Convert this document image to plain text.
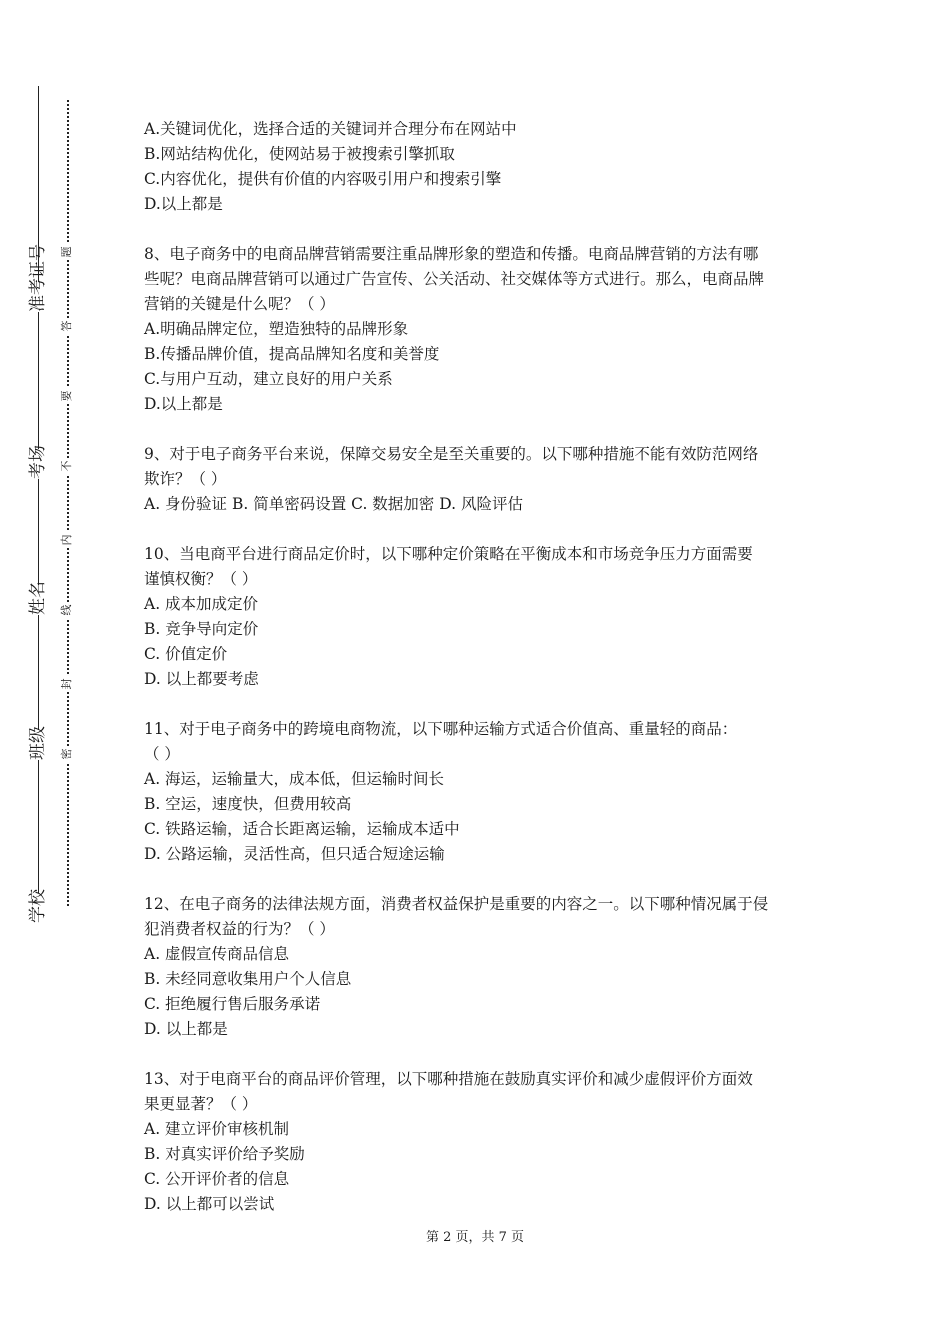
准考证号
考场
姓名
班级
学校
题
答
要
不
内
线
封
密
A.关键词优化，选择合适的关键词并合理分布在网站中
B.网站结构优化，使网站易于被搜索引擎抓取
C.内容优化，提供有价值的内容吸引用户和搜索引擎
D.以上都是
8、电子商务中的电商品牌营销需要注重品牌形象的塑造和传播。电商品牌营销的方法有哪
些呢？电商品牌营销可以通过广告宣传、公关活动、社交媒体等方式进行。那么，电商品牌
营销的关键是什么呢？（ ）
A.明确品牌定位，塑造独特的品牌形象
B.传播品牌价值，提高品牌知名度和美誉度
C.与用户互动，建立良好的用户关系
D.以上都是
9、对于电子商务平台来说，保障交易安全是至关重要的。以下哪种措施不能有效防范网络
欺诈？（ ）
A. 身份验证 B. 简单密码设置 C. 数据加密 D. 风险评估
10、当电商平台进行商品定价时，以下哪种定价策略在平衡成本和市场竞争压力方面需要
谨慎权衡？（ ）
A. 成本加成定价
B. 竞争导向定价
C. 价值定价
D. 以上都要考虑
11、对于电子商务中的跨境电商物流，以下哪种运输方式适合价值高、重量轻的商品：
（ ）
A. 海运，运输量大，成本低，但运输时间长
B. 空运，速度快，但费用较高
C. 铁路运输，适合长距离运输，运输成本适中
D. 公路运输，灵活性高，但只适合短途运输
12、在电子商务的法律法规方面，消费者权益保护是重要的内容之一。以下哪种情况属于侵
犯消费者权益的行为？（ ）
A. 虚假宣传商品信息
B. 未经同意收集用户个人信息
C. 拒绝履行售后服务承诺
D. 以上都是
13、对于电商平台的商品评价管理，以下哪种措施在鼓励真实评价和减少虚假评价方面效
果更显著？（ ）
A. 建立评价审核机制
B. 对真实评价给予奖励
C. 公开评价者的信息
D. 以上都可以尝试
第 2 页，共 7 页
